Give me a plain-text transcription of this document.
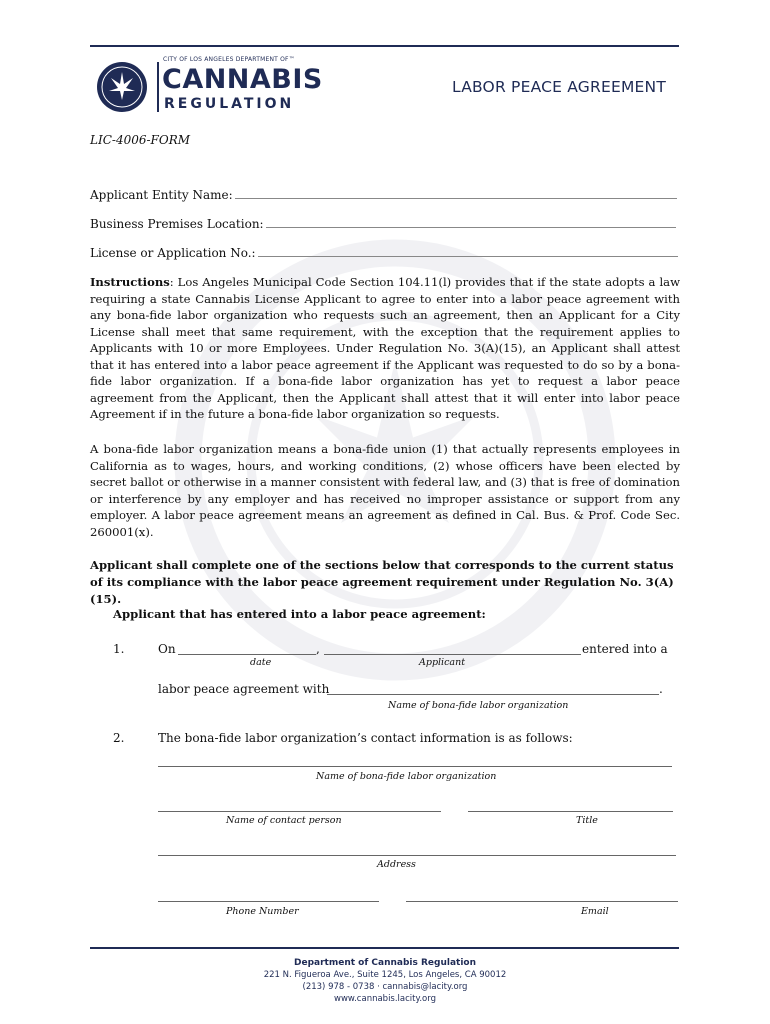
CITY OF LOS ANGELES DEPARTMENT OF™
CANNABIS
REGULATION
LABOR PEACE AGREEMENT
LIC-4006-FORM
Applicant Entity Name:
Business Premises Location:
License or Application No.:
Instructions: Los Angeles Municipal Code Section 104.11(l) provides that if the state adopts a law requiring a state Cannabis License Applicant to agree to enter into a labor peace agreement with any bona-fide labor organization who requests such an agreement, then an Applicant for a City License shall meet that same requirement, with the exception that the requirement applies to Applicants with 10 or more Employees. Under Regulation No. 3(A)(15), an Applicant shall attest that it has entered into a labor peace agreement if the Applicant was requested to do so by a bona-fide labor organization. If a bona-fide labor organization has yet to request a labor peace agreement from the Applicant, then the Applicant shall attest that it will enter into labor peace Agreement if in the future a bona-fide labor organization so requests.
A bona-fide labor organization means a bona-fide union (1) that actually represents employees in California as to wages, hours, and working conditions, (2) whose officers have been elected by secret ballot or otherwise in a manner consistent with federal law, and (3) that is free of domination or interference by any employer and has received no improper assistance or support from any employer. A labor peace agreement means an agreement as defined in Cal. Bus. & Prof. Code Sec. 260001(x).
Applicant shall complete one of the sections below that corresponds to the current status of its compliance with the labor peace agreement requirement under Regulation No. 3(A)(15).
Applicant that has entered into a labor peace agreement:
1.	On	,	entered into a
date	Applicant
labor peace agreement with	.
Name of bona-fide labor organization
2.	The bona-fide labor organization’s contact information is as follows:
Name of bona-fide labor organization
Name of contact person	Title
Address
Phone Number	Email
Department of Cannabis Regulation
221 N. Figueroa Ave., Suite 1245, Los Angeles, CA 90012
(213) 978 - 0738 · cannabis@lacity.org
www.cannabis.lacity.org
